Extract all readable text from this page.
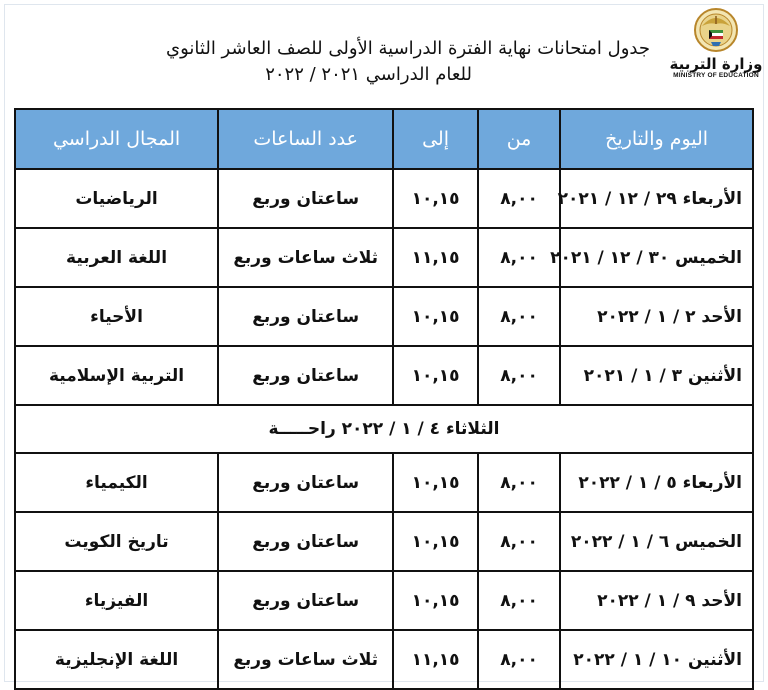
وزارة التربية
MINISTRY OF EDUCATION
جدول امتحانات نهاية الفترة الدراسية الأولى للصف العاشر الثانوي
للعام الدراسي ٢٠٢١ / ٢٠٢٢
اليوم والتاريخ	من	إلى	عدد الساعات	المجال الدراسي
الأربعاء ٢٩ / ١٢ / ٢٠٢١	٨,٠٠	١٠,١٥	ساعتان وربع	الرياضيات
الخميس ٣٠ / ١٢ / ٢٠٢١	٨,٠٠	١١,١٥	ثلاث ساعات وربع	اللغة العربية
الأحد ٢ / ١ / ٢٠٢٢	٨,٠٠	١٠,١٥	ساعتان وربع	الأحياء
الأثنين ٣ / ١ / ٢٠٢١	٨,٠٠	١٠,١٥	ساعتان وربع	التربية الإسلامية
الثلاثاء ٤ / ١ / ٢٠٢٢ راحـــــة				
الأربعاء ٥ / ١ / ٢٠٢٢	٨,٠٠	١٠,١٥	ساعتان وربع	الكيمياء
الخميس ٦ / ١ / ٢٠٢٢	٨,٠٠	١٠,١٥	ساعتان وربع	تاريخ الكويت
الأحد ٩ / ١ / ٢٠٢٢	٨,٠٠	١٠,١٥	ساعتان وربع	الفيزياء
الأثنين ١٠ / ١ / ٢٠٢٢	٨,٠٠	١١,١٥	ثلاث ساعات وربع	اللغة الإنجليزية
